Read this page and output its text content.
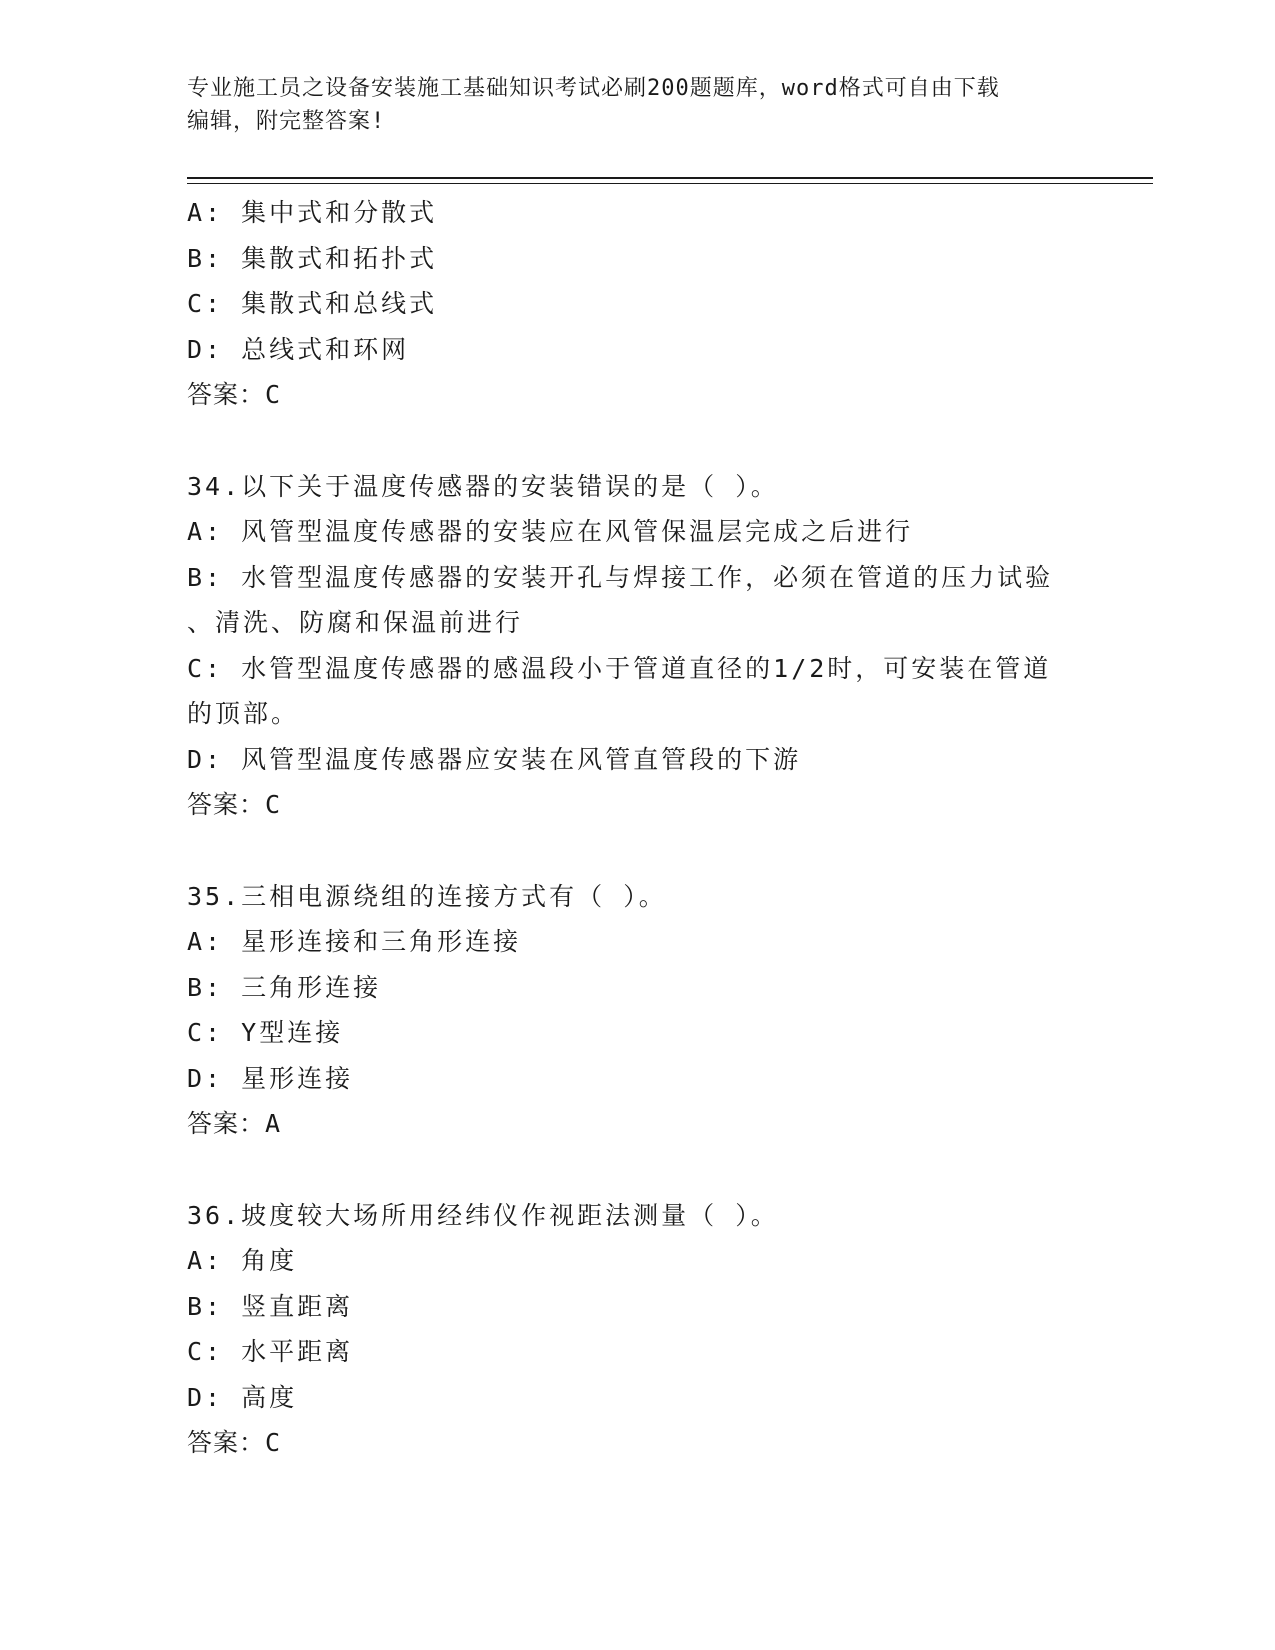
专业施工员之设备安装施工基础知识考试必刷200题题库，word格式可自由下载
编辑，附完整答案!
A: 集中式和分散式
B: 集散式和拓扑式
C: 集散式和总线式
D: 总线式和环网
答案：C
34.以下关于温度传感器的安装错误的是（ ）。
A: 风管型温度传感器的安装应在风管保温层完成之后进行
B: 水管型温度传感器的安装开孔与焊接工作，必须在管道的压力试验
、清洗、防腐和保温前进行
C: 水管型温度传感器的感温段小于管道直径的1/2时，可安装在管道
的顶部。
D: 风管型温度传感器应安装在风管直管段的下游
答案：C
35.三相电源绕组的连接方式有（ ）。
A: 星形连接和三角形连接
B: 三角形连接
C: Y型连接
D: 星形连接
答案：A
36.坡度较大场所用经纬仪作视距法测量（ ）。
A: 角度
B: 竖直距离
C: 水平距离
D: 高度
答案：C
